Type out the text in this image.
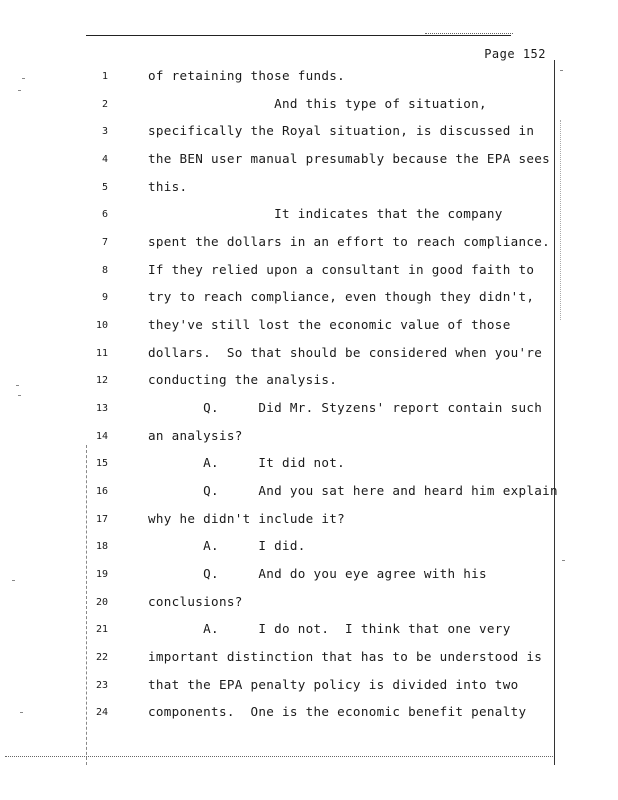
Page 152
1	of retaining those funds.
2	And this type of situation,
3	specifically the Royal situation, is discussed in
4	the BEN user manual presumably because the EPA sees
5	this.
6	It indicates that the company
7	spent the dollars in an effort to reach compliance.
8	If they relied upon a consultant in good faith to
9	try to reach compliance, even though they didn't,
10	they've still lost the economic value of those
11	dollars.  So that should be considered when you're
12	conducting the analysis.
13	Q.     Did Mr. Styzens' report contain such
14	an analysis?
15	A.     It did not.
16	Q.     And you sat here and heard him explain
17	why he didn't include it?
18	A.     I did.
19	Q.     And do you eye agree with his
20	conclusions?
21	A.     I do not.  I think that one very
22	important distinction that has to be understood is
23	that the EPA penalty policy is divided into two
24	components.  One is the economic benefit penalty
